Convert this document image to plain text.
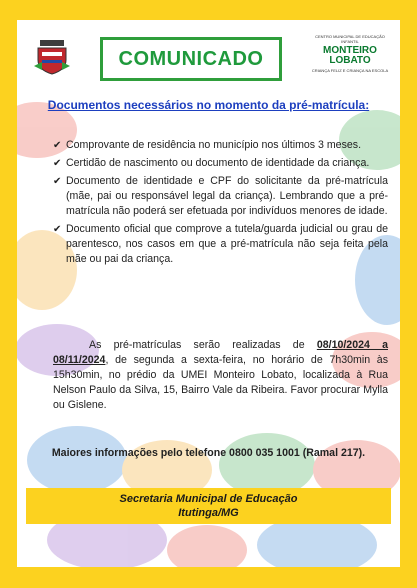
COMUNICADO
CENTRO MUNICIPAL DE EDUCAÇÃO INFANTIL
MONTEIRO LOBATO
CRIANÇA FELIZ E CRIANÇA NA ESCOLA
Documentos necessários no momento da pré-matrícula:
✔ Comprovante de residência no município nos últimos 3 meses.
✔ Certidão de nascimento ou documento de identidade da criança.
✔ Documento de identidade e CPF do solicitante da pré-matrícula (mãe, pai ou responsável legal da criança). Lembrando que a pré-matrícula não poderá ser efetuada por indivíduos menores de idade.
✔ Documento oficial que comprove a tutela/guarda judicial ou grau de parentesco, nos casos em que a pré-matrícula não seja feita pela mãe ou pai da criança.
As pré-matrículas serão realizadas de 08/10/2024 a 08/11/2024, de segunda a sexta-feira, no horário de 7h30min às 15h30min, no prédio da UMEI Monteiro Lobato, localizada à Rua Nelson Paulo da Silva, 15, Bairro Vale da Ribeira. Favor procurar Mylla ou Gislene.
Maiores informações pelo telefone 0800 035 1001 (Ramal 217).
Secretaria Municipal de Educação
Itutinga/MG
